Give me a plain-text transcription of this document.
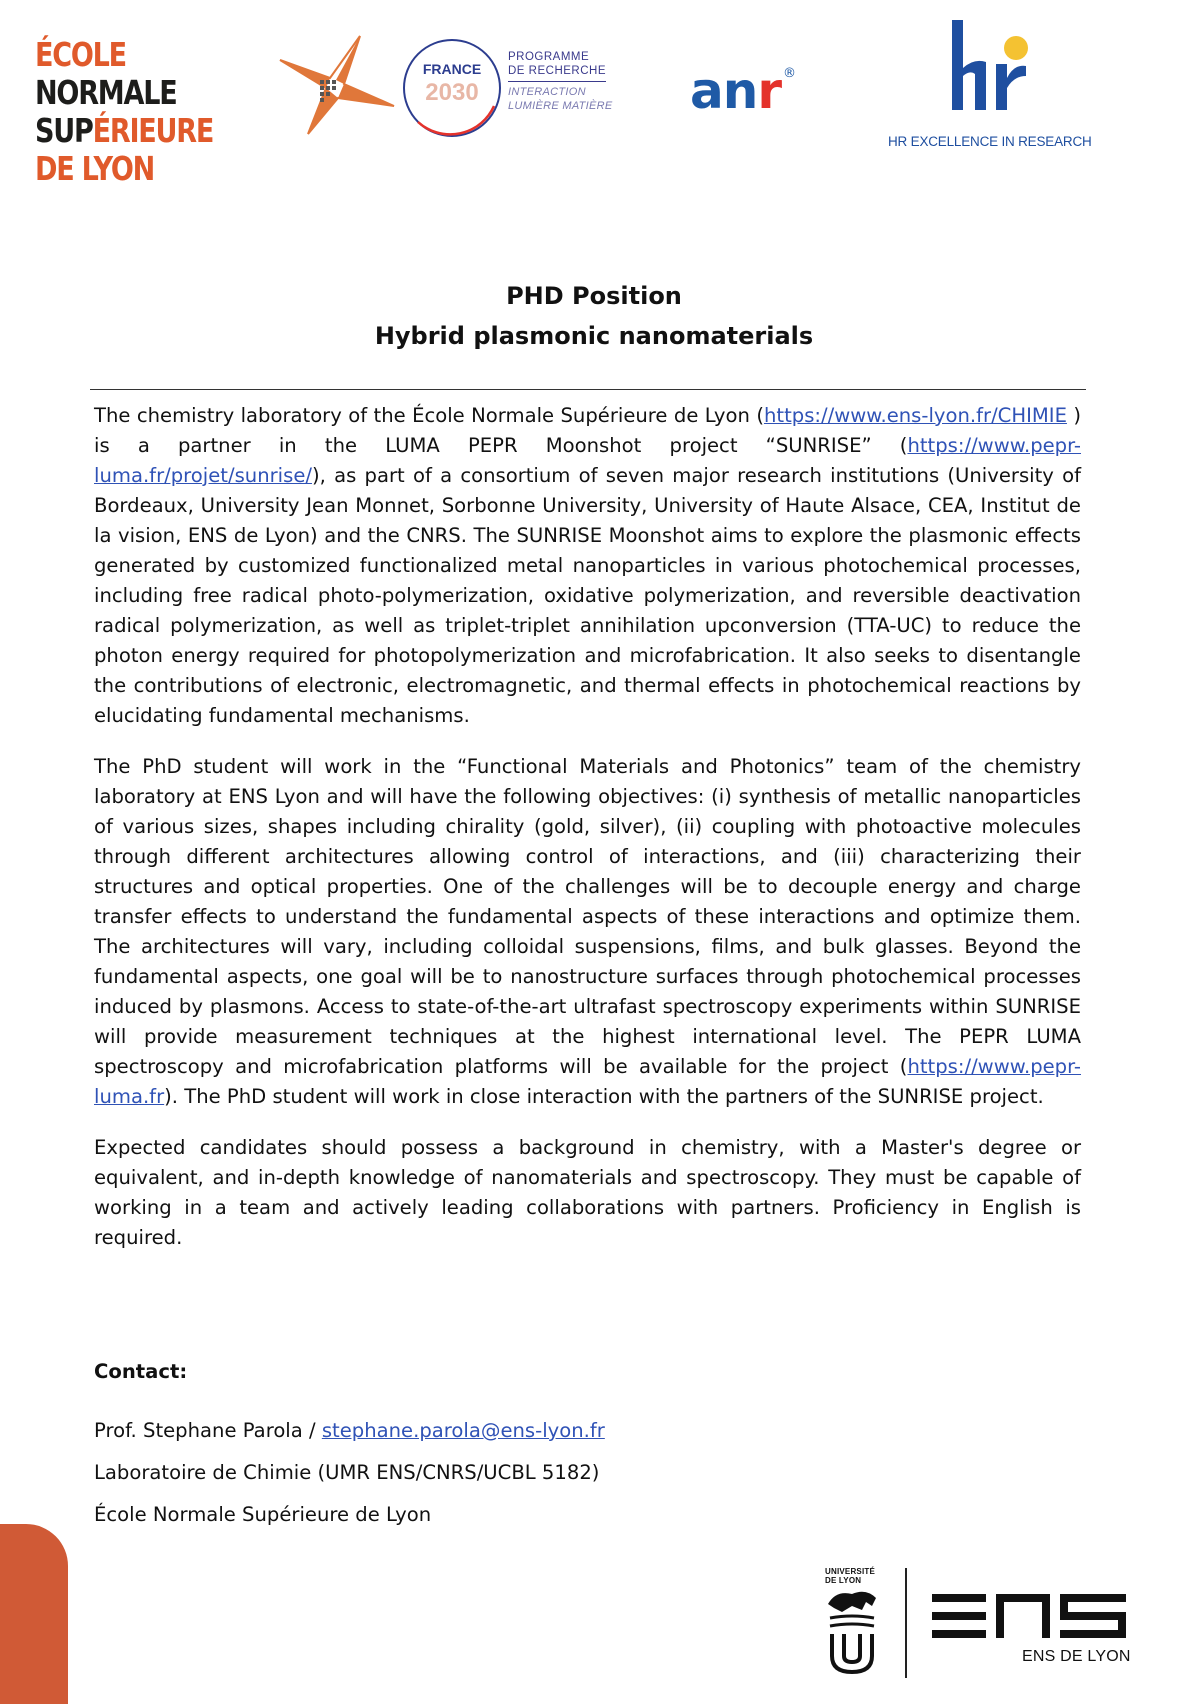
ÉCOLE
NORMALE
SUPÉRIEURE
DE LYON
FRANCE
2030
PROGRAMME
DE RECHERCHE
INTERACTION
LUMIÈRE MATIÈRE anr ®
HR EXCELLENCE IN RESEARCH
PHD Position
Hybrid plasmonic nanomaterials

The chemistry laboratory of the École Normale Supérieure de Lyon (https://www.ens-lyon.fr/CHIMIE ) is a partner in the LUMA PEPR Moonshot project “SUNRISE” (https://www.pepr-luma.fr/projet/sunrise/), as part of a consortium of seven major research institutions (University of Bordeaux, University Jean Monnet, Sorbonne University, University of Haute Alsace, CEA, Institut de la vision, ENS de Lyon) and the CNRS. The SUNRISE Moonshot aims to explore the plasmonic effects generated by customized functionalized metal nanoparticles in various photochemical processes, including free radical photo-polymerization, oxidative polymerization, and reversible deactivation radical polymerization, as well as triplet-triplet annihilation upconversion (TTA-UC) to reduce the photon energy required for photopolymerization and microfabrication. It also seeks to disentangle the contributions of electronic, electromagnetic, and thermal effects in photochemical reactions by elucidating fundamental mechanisms.

The PhD student will work in the “Functional Materials and Photonics” team of the chemistry laboratory at ENS Lyon and will have the following objectives: (i) synthesis of metallic nanoparticles of various sizes, shapes including chirality (gold, silver), (ii) coupling with photoactive molecules through different architectures allowing control of interactions, and (iii) characterizing their structures and optical properties. One of the challenges will be to decouple energy and charge transfer effects to understand the fundamental aspects of these interactions and optimize them. The architectures will vary, including colloidal suspensions, films, and bulk glasses. Beyond the fundamental aspects, one goal will be to nanostructure surfaces through photochemical processes induced by plasmons. Access to state-of-the-art ultrafast spectroscopy experiments within SUNRISE will provide measurement techniques at the highest international level. The PEPR LUMA spectroscopy and microfabrication platforms will be available for the project (https://www.pepr-luma.fr). The PhD student will work in close interaction with the partners of the SUNRISE project.

Expected candidates should possess a background in chemistry, with a Master's degree or equivalent, and in-depth knowledge of nanomaterials and spectroscopy. They must be capable of working in a team and actively leading collaborations with partners. Proficiency in English is required.

Contact:
Prof. Stephane Parola / stephane.parola@ens-lyon.fr
Laboratoire de Chimie (UMR ENS/CNRS/UCBL 5182)
École Normale Supérieure de Lyon
UNIVERSITÉ
DE LYON
ENS DE LYON
